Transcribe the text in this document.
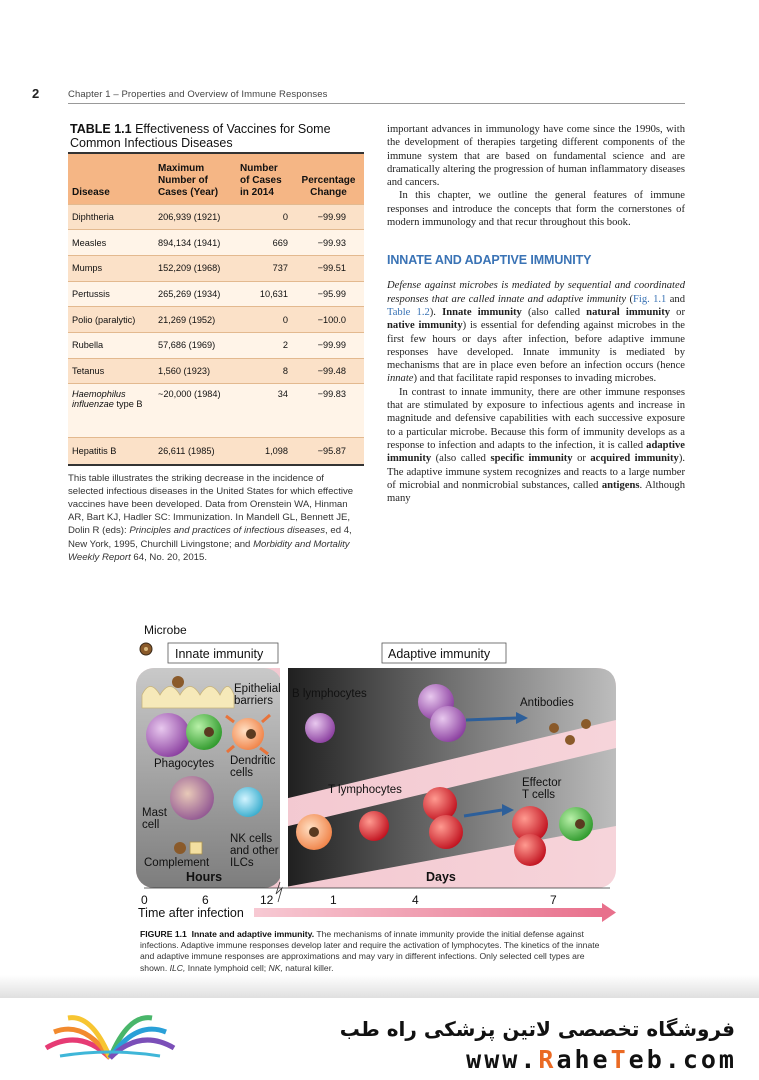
2	Chapter 1 – Properties and Overview of Immune Responses
TABLE 1.1 Effectiveness of Vaccines for Some Common Infectious Diseases
Disease	Maximum Number of Cases (Year)	Number of Cases in 2014	Percentage Change
Diphtheria	206,939 (1921)	0	−99.99
Measles	894,134 (1941)	669	−99.93
Mumps	152,209 (1968)	737	−99.51
Pertussis	265,269 (1934)	10,631	−95.99
Polio (paralytic)	21,269 (1952)	0	−100.0
Rubella	57,686 (1969)	2	−99.99
Tetanus	1,560 (1923)	8	−99.48
Haemophilus influenzae type B	~20,000 (1984)	34	−99.83
Hepatitis B	26,611 (1985)	1,098	−95.87
This table illustrates the striking decrease in the incidence of selected infectious diseases in the United States for which effective vaccines have been developed. Data from Orenstein WA, Hinman AR, Bart KJ, Hadler SC: Immunization. In Mandell GL, Bennett JE, Dolin R (eds): Principles and practices of infectious diseases, ed 4, New York, 1995, Churchill Livingstone; and Morbidity and Mortality Weekly Report 64, No. 20, 2015.

important advances in immunology have come since the 1990s, with the development of therapies targeting different components of the immune system that are based on fundamental science and are dramatically altering the progression of human inflammatory diseases and cancers.

In this chapter, we outline the general features of immune responses and introduce the concepts that form the cornerstones of modern immunology and that recur throughout this book.

INNATE AND ADAPTIVE IMMUNITY

Defense against microbes is mediated by sequential and coordinated responses that are called innate and adaptive immunity (Fig. 1.1 and Table 1.2). Innate immunity (also called natural immunity or native immunity) is essential for defending against microbes in the first few hours or days after infection, before adaptive immune responses have developed. Innate immunity is mediated by mechanisms that are in place even before an infection occurs (hence innate) and that facilitate rapid responses to invading microbes.

In contrast to innate immunity, there are other immune responses that are stimulated by exposure to infectious agents and increase in magnitude and defensive capabilities with each successive exposure to a particular microbe. Because this form of immunity develops as a response to infection and adapts to the infection, it is called adaptive immunity (also called specific immunity or acquired immunity). The adaptive immune system recognizes and reacts to a large number of microbial and nonmicrobial substances, called antigens. Although many

Microbe
Innate immunity	Adaptive immunity
Epithelial
barriers
Phagocytes Dendritic
cells
Mast
cell
NK cells
and other
ILCs
Complement
B lymphocytes
Antibodies
T lymphocytes
Effector
T cells
Hours	Days
0	6	12	1	4	7
Time after infection
FIGURE 1.1 Innate and adaptive immunity. The mechanisms of innate immunity provide the initial defense against infections. Adaptive immune responses develop later and require the activation of lymphocytes. The kinetics of the innate and adaptive immune responses are approximations and may vary in different infections. Only selected cell types are shown. ILC, Innate lymphoid cell; NK, natural killer.
فروشگاه تخصصی لاتین پزشکی راه طب
www.RaheTeb.com
